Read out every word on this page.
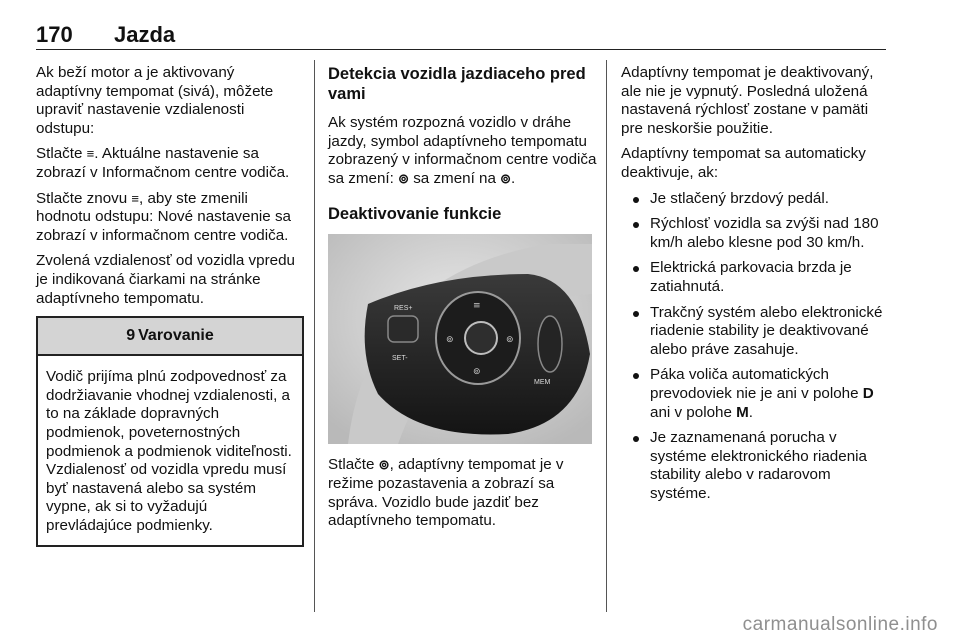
170 Jazda

Ak beží motor a je aktivovaný adaptívny tempomat (sivá), môžete upraviť nastavenie vzdialenosti odstupu:

Stlačte ≡. Aktuálne nastavenie sa zobrazí v Informačnom centre vodiča.

Stlačte znovu ≡, aby ste zmenili hodnotu odstupu: Nové nastavenie sa zobrazí v informačnom centre vodiča.

Zvolená vzdialenosť od vozidla vpredu je indikovaná čiarkami na stránke adaptívneho tempomatu.

9 Varovanie
Vodič prijíma plnú zodpovednosť za dodržiavanie vhodnej vzdialenosti, a to na základe dopravných podmienok, poveternostných podmienok a podmienok viditeľnosti. Vzdialenosť od vozidla vpredu musí byť nastavená alebo sa systém vypne, ak si to vyžadujú prevládajúce podmienky.
Detekcia vozidla jazdiaceho pred vami

Ak systém rozpozná vozidlo v dráhe jazdy, symbol adaptívneho tempomatu zobrazený v informačnom centre vodiča sa zmení: ⊚ sa zmení na ⊚.

Deaktivovanie funkcie
RES+
SET-
≡
⊚	⊚
⊚
MEM

Stlačte ⊚, adaptívny tempomat je v režime pozastavenia a zobrazí sa správa. Vozidlo bude jazdiť bez adaptívneho tempomatu.

Adaptívny tempomat je deaktivovaný, ale nie je vypnutý. Posledná uložená nastavená rýchlosť zostane v pamäti pre neskoršie použitie.

Adaptívny tempomat sa automaticky deaktivuje, ak:

Je stlačený brzdový pedál.
Rýchlosť vozidla sa zvýši nad 180 km/h alebo klesne pod 30 km/h.
Elektrická parkovacia brzda je zatiahnutá.
Trakčný systém alebo elektronické riadenie stability je deaktivované alebo práve zasahuje.
Páka voliča automatických prevodoviek nie je ani v polohe D ani v polohe M.
Je zaznamenaná porucha v systéme elektronického riadenia stability alebo v radarovom systéme.
carmanualsonline.info
